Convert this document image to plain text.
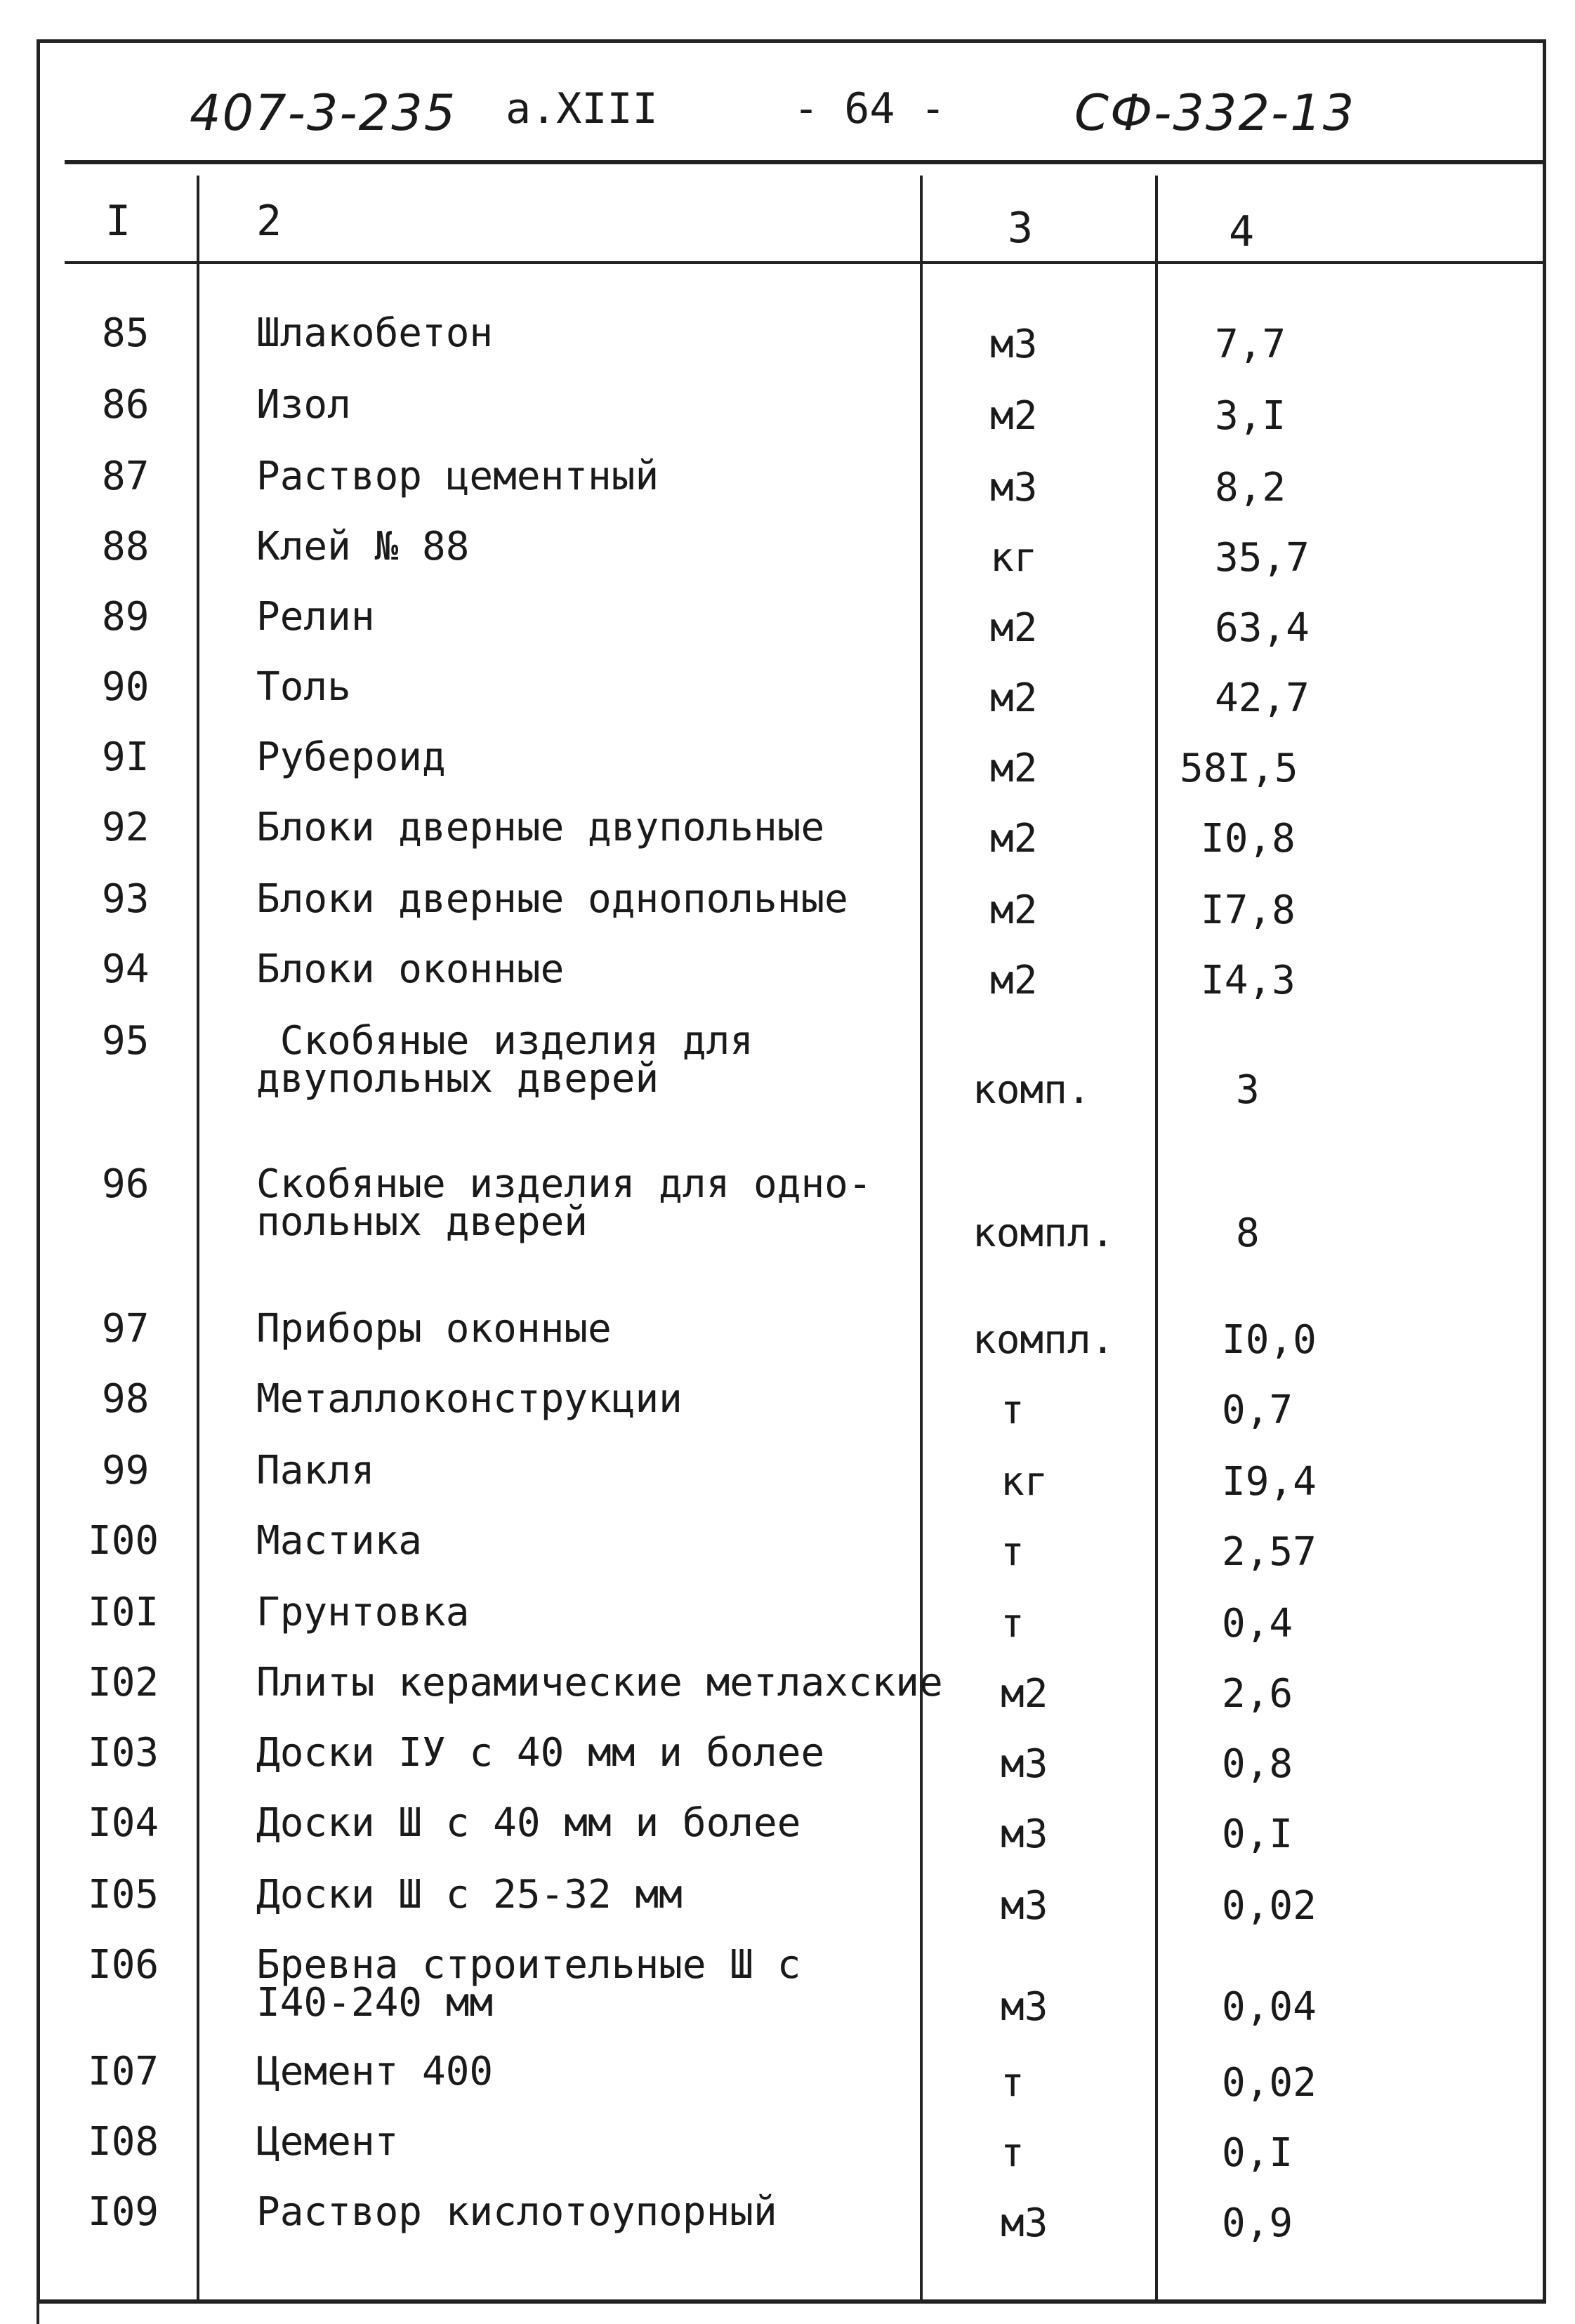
407-3-235 а.XIII	- 64 -	СФ-332-13
I	2	3	4
85	Шлакобетон	м3	7,7
86	Изол	м2	3,I
87	Раствор цементный	м3	8,2
88	Клей № 88	кг	35,7
89	Релин	м2	63,4
90	Толь	м2	42,7
9I	Рубероид	м2	58I,5
92	Блоки дверные двупольные	м2	I0,8
93	Блоки дверные однопольные	м2	I7,8
94	Блоки оконные	м2	I4,3
95	Скобяные изделия для
двупольных дверей	комп.	3
96	Скобяные изделия для одно-
польных дверей	компл.	8
97	Приборы оконные	компл.	I0,0
98	Металлоконструкции	т	0,7
99	Пакля	кг	I9,4
I00 Мастика	т	2,57
I0I Грунтовка	т	0,4
I02 Плиты керамические метлахские м2	2,6
I03 Доски IУ с 40 мм и более	м3	0,8
I04 Доски Ш с 40 мм и более	м3	0,I
I05 Доски Ш с 25-32 мм	м3	0,02
I06 Бревна строительные Ш с
I40-240 мм	м3	0,04
I07 Цемент 400	т	0,02
I08 Цемент	т	0,I
I09 Раствор кислотоупорный	м3	0,9
